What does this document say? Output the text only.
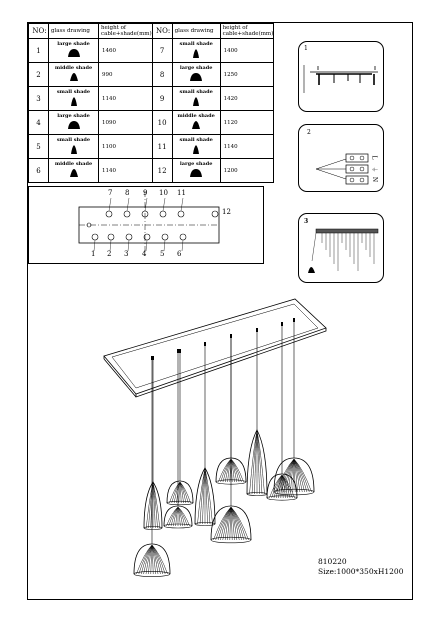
NO:	glass drawing	height of cable+shade(mm)	NO:	glass drawing	height of cable+shade(mm)
1	large shade	1460	7	small shade	1400
2	middle shade	990	8	large shade	1250
3	small shade	1140	9	small shade	1420
4	large shade	1090	10	middle shade	1120
5	small shade	1100	11	small shade	1140
6	middle shade	1140	12	large shade	1200
7 8 9 10 11
12
1 2 3 4 5 6
1
2
L
⏚
N
3
810220
Size:1000*350xH1200
